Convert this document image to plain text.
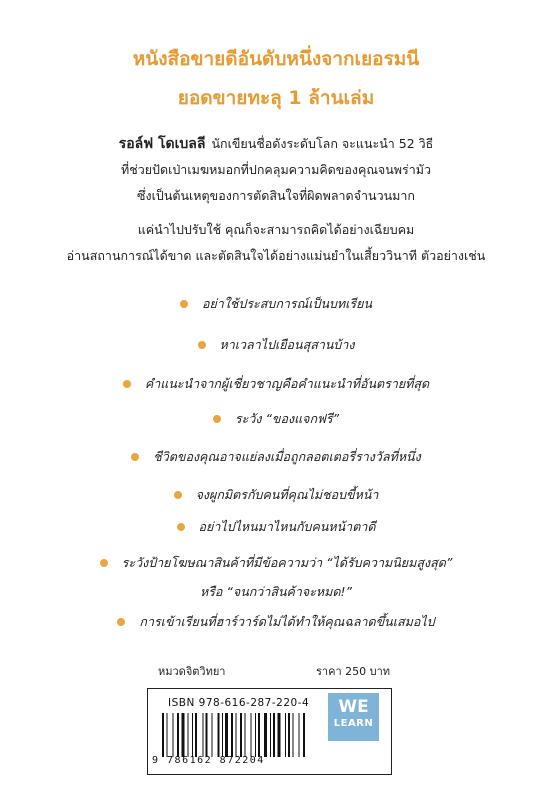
หนังสือขายดีอันดับหนึ่งจากเยอรมนี
ยอดขายทะลุ 1 ล้านเล่ม
รอล์ฟ โดเบลลี นักเขียนชื่อดังระดับโลก จะแนะนำ 52 วิธี
ที่ช่วยปัดเป่าเมฆหมอกที่ปกคลุมความคิดของคุณจนพร่ามัว
ซึ่งเป็นต้นเหตุของการตัดสินใจที่ผิดพลาดจำนวนมาก
แค่นำไปปรับใช้ คุณก็จะสามารถคิดได้อย่างเฉียบคม
อ่านสถานการณ์ได้ขาด และตัดสินใจได้อย่างแม่นยำในเสี้ยววินาที ตัวอย่างเช่น
อย่าใช้ประสบการณ์เป็นบทเรียน
หาเวลาไปเยือนสุสานบ้าง
คำแนะนำจากผู้เชี่ยวชาญคือคำแนะนำที่อันตรายที่สุด
ระวัง “ของแจกฟรี”
ชีวิตของคุณอาจแย่ลงเมื่อถูกลอตเตอรี่รางวัลที่หนึ่ง
จงผูกมิตรกับคนที่คุณไม่ชอบขี้หน้า
อย่าไปไหนมาไหนกับคนหน้าตาดี
ระวังป้ายโฆษณาสินค้าที่มีข้อความว่า “ได้รับความนิยมสูงสุด”
หรือ “จนกว่าสินค้าจะหมด!”
การเข้าเรียนที่ฮาร์วาร์ดไม่ได้ทำให้คุณฉลาดขึ้นเสมอไป
หมวดจิตวิทยา	ราคา 250 บาท
ISBN 978-616-287-220-4
9 786162 872204
WE
LEARN
